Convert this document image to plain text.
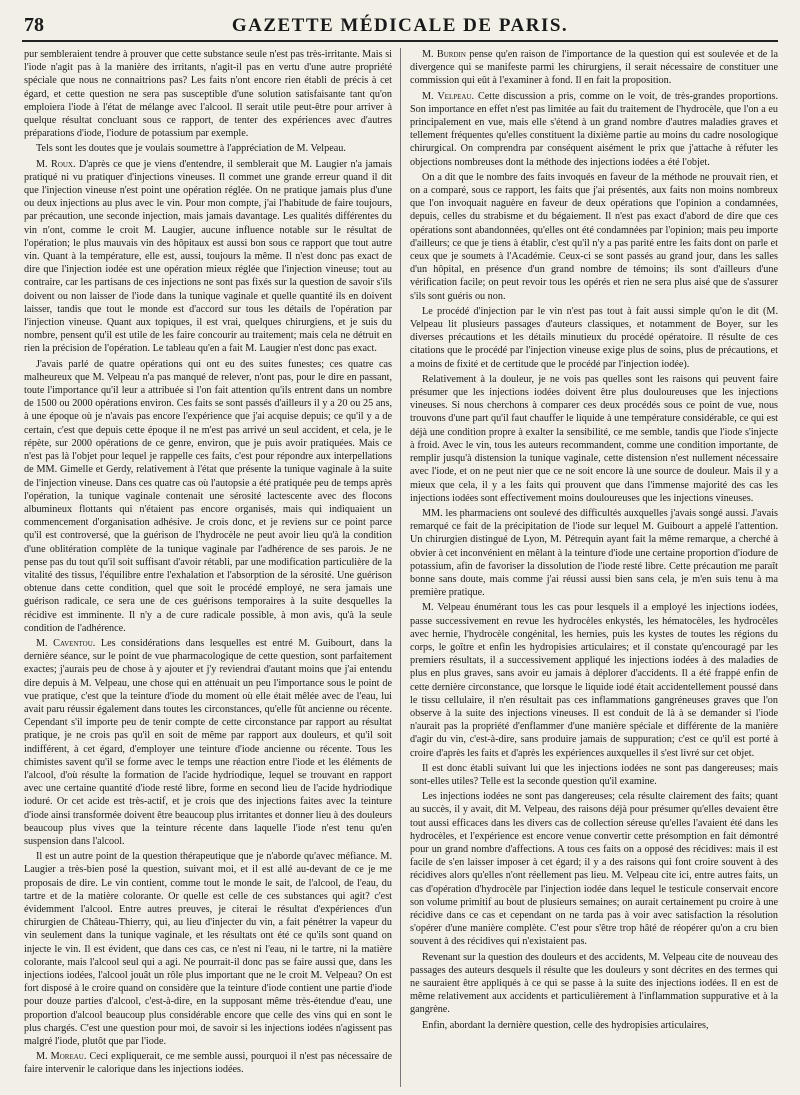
78	GAZETTE MÉDICALE DE PARIS.

pur sembleraient tendre à prouver que cette substance seule n'est pas très-irritante. Mais si l'iode n'agit pas à la manière des irritants, n'agit-il pas en vertu d'une autre propriété spéciale que nous ne connaitrions pas? Les faits n'ont encore rien établi de précis à cet égard, et cette question ne sera pas susceptible d'une solution satisfaisante tant qu'on emploiera l'iode à l'état de mélange avec l'alcool. Il serait utile peut-être pour arriver à quelque résultat concluant sous ce rapport, de tenter des expériences avec d'autres préparations d'iode, l'iodure de potassium par exemple.

Tels sont les doutes que je voulais soumettre à l'appréciation de M. Velpeau.

M. Roux. D'après ce que je viens d'entendre, il semblerait que M. Laugier n'a jamais pratiqué ni vu pratiquer d'injections vineuses. Il commet une grande erreur quand il dit que l'injection vineuse n'est point une opération réglée. On ne pratique jamais plus d'une ou deux injections au plus avec le vin. Pour mon compte, j'ai l'habitude de faire toujours, par précaution, une seconde injection, mais jamais davantage. Les qualités différentes du vin n'ont, comme le croit M. Laugier, aucune influence notable sur le résultat de l'opération; le plus mauvais vin des hôpitaux est aussi bon sous ce rapport que tout autre vin. Quant à la température, elle est, aussi, toujours la même. Il n'est donc pas exact de dire que l'injection iodée est une opération mieux réglée que l'injection vineuse; tout au contraire, car les partisans de ces injections ne sont pas fixés sur la question de savoir s'ils doivent ou non laisser de l'iode dans la tunique vaginale et quelle quantité ils en doivent laisser, tandis que tout le monde est d'accord sur tous les détails de l'opération par l'injection vineuse. Quant aux topiques, il est vrai, quelques chirurgiens, et je suis du nombre, pensent qu'il est utile de les faire concourir au traitement; mais cela ne détruit en rien la précision de l'opération. Le tableau qu'en a fait M. Laugier n'est donc pas exact.

J'avais parlé de quatre opérations qui ont eu des suites funestes; ces quatre cas malheureux que M. Velpeau n'a pas manqué de relever, n'ont pas, pour le dire en passant, toute l'importance qu'il leur a attribuée si l'on fait attention qu'ils entrent dans un nombre de 1500 ou 2000 opérations environ. Ces faits se sont passés d'ailleurs il y a 20 ou 25 ans, à une époque où je n'avais pas encore l'expérience que j'ai acquise depuis; ce qu'il y a de certain, c'est que depuis cette époque il ne m'est pas arrivé un seul accident, et cela, je le répète, sur 2000 opérations de ce genre, environ, que je puis avoir pratiquées. Mais ce n'est pas là l'objet pour lequel je rappelle ces faits, c'est pour répondre aux interpellations de MM. Gimelle et Gerdy, relativement à l'état que présente la tunique vaginale à la suite de l'injection vineuse. Dans ces quatre cas où l'autopsie a été pratiquée peu de temps après l'opération, la tunique vaginale contenait une sérosité lactescente avec des flocons albumineux flottants qui n'étaient pas encore organisés, mais qui indiquaient un commencement d'organisation adhésive. Je crois donc, et je reviens sur ce point parce qu'il est controversé, que la guérison de l'hydrocèle ne peut avoir lieu qu'à la condition d'une oblitération complète de la tunique vaginale par l'adhérence de ses parois. Je ne pense pas du tout qu'il soit suffisant d'avoir rétabli, par une modification particulière de la vitalité des tissus, l'équilibre entre l'exhalation et l'absorption de la sérosité. Une guérison obtenue dans cette condition, quel que soit le procédé employé, ne sera jamais une guérison radicale, ce sera une de ces guérisons temporaires à la suite desquelles la récidive est imminente. Il n'y a de cure radicale possible, à mon avis, qu'à la seule condition de l'adhérence.

M. Caventou. Les considérations dans lesquelles est entré M. Guibourt, dans la dernière séance, sur le point de vue pharmacologique de cette question, sont parfaitement exactes; j'aurais peu de chose à y ajouter et j'y reviendrai d'autant moins que j'ai entendu dire depuis à M. Velpeau, une chose qui en atténuait un peu l'importance sous le point de vue pratique, c'est que la teinture d'iode du moment où elle était mêlée avec de l'eau, lui avait paru réussir également dans toutes les circonstances, qu'elle fût ancienne ou récente. Cependant s'il importe peu de tenir compte de cette circonstance par rapport au résultat pratique, je ne crois pas qu'il en soit de même par rapport aux douleurs, et qu'il soit indifférent, à cet égard, d'employer une teinture d'iode ancienne ou récente. Tous les chimistes savent qu'il se forme avec le temps une réaction entre l'iode et les éléments de l'alcool, d'où résulte la formation de l'acide hydriodique, lequel se trouvant en rapport avec une certaine quantité d'iode resté libre, forme en second lieu de l'acide hydriodique ioduré. Or cet acide est très-actif, et je crois que des injections faites avec la teinture d'iode ainsi transformée doivent être beaucoup plus irritantes et donner lieu à des douleurs beaucoup plus vives que la teinture récente dans laquelle l'iode n'est tenu qu'en suspension dans l'alcool.

Il est un autre point de la question thérapeutique que je n'aborde qu'avec méfiance. M. Laugier a très-bien posé la question, suivant moi, et il est allé au-devant de ce je me proposais de dire. Le vin contient, comme tout le monde le sait, de l'alcool, de l'eau, du tartre et de la matière colorante. Or quelle est celle de ces substances qui agit? c'est évidemment l'alcool. Entre autres preuves, je citerai le résultat d'expériences d'un chirurgien de Château-Thierry, qui, au lieu d'injecter du vin, a fait pénétrer la vapeur du vin seulement dans la tunique vaginale, et les résultats ont été ce qu'ils sont quand on injecte le vin. Il est évident, que dans ces cas, ce n'est ni l'eau, ni le tartre, ni la matière colorante, mais l'alcool seul qui a agi. Ne pourrait-il donc pas se faire aussi que, dans les injections iodées, l'alcool jouât un rôle plus important que ne le croit M. Velpeau? On est fort disposé à le croire quand on considère que la teinture d'iode contient une partie d'iode pour douze parties d'alcool, c'est-à-dire, en la supposant même très-étendue d'eau, une proportion d'alcool beaucoup plus considérable encore que celle des vins qui en sont le plus chargés. C'est une question pour moi, de savoir si les injections iodées n'agissent pas malgré l'iode, plutôt que par l'iode.

M. Moreau. Ceci expliquerait, ce me semble aussi, pourquoi il n'est pas nécessaire de faire intervenir le calorique dans les injections iodées.

M. Burdin pense qu'en raison de l'importance de la question qui est soulevée et de la divergence qui se manifeste parmi les chirurgiens, il serait nécessaire de constituer une commission qui eût à l'examiner à fond. Il en fait la proposition.

M. Velpeau. Cette discussion a pris, comme on le voit, de très-grandes proportions. Son importance en effet n'est pas limitée au fait du traitement de l'hydrocèle, que l'on a eu principalement en vue, mais elle s'étend à un grand nombre d'autres maladies graves et tellement fréquentes qu'elles constituent la dixième partie au moins du cadre nosologique chirurgical. On comprendra par conséquent aisément le prix que j'attache à réfuter les objections nombreuses dont la méthode des injections iodées a été l'objet.

On a dit que le nombre des faits invoqués en faveur de la méthode ne prouvait rien, et on a comparé, sous ce rapport, les faits que j'ai présentés, aux faits non moins nombreux que l'on invoquait naguère en faveur de deux opérations que l'opinion a condamnées, depuis, celles du strabisme et du bégaiement. Il n'est pas exact d'abord de dire que ces opérations sont abandonnées, qu'elles ont été condamnées par l'opinion; mais peu importe d'ailleurs; ce que je tiens à établir, c'est qu'il n'y a pas parité entre les faits dont on parle et ceux que je soumets à l'Académie. Ceux-ci se sont passés au grand jour, dans les salles d'un hôpital, en présence d'un grand nombre de témoins; ils sont d'ailleurs d'une vérification facile; on peut revoir tous les opérés et rien ne sera plus aisé que de s'assurer s'ils sont guéris ou non.

Le procédé d'injection par le vin n'est pas tout à fait aussi simple qu'on le dit (M. Velpeau lit plusieurs passages d'auteurs classiques, et notamment de Boyer, sur les diverses précautions et les détails minutieux du procédé opératoire. Il résulte de ces citations que le procédé par l'injection vineuse exige plus de soins, plus de précautions, et a moins de fixité et de certitude que le procédé par l'injection iodée).

Relativement à la douleur, je ne vois pas quelles sont les raisons qui peuvent faire présumer que les injections iodées doivent être plus douloureuses que les injections vineuses. Si nous cherchons à comparer ces deux procédés sous ce point de vue, nous trouvons d'une part qu'il faut chauffer le liquide à une température considérable, ce qui est déjà une condition propre à exalter la sensibilité, ce me semble, tandis que l'iode s'injecte à froid. Avec le vin, tous les auteurs recommandent, comme une condition importante, de remplir jusqu'à distension la tunique vaginale, cette distension n'est nullement nécessaire avec l'iode, et on ne peut nier que ce ne soit encore là une source de douleur. Mais il y a mieux que cela, il y a les faits qui prouvent que dans l'immense majorité des cas les injections iodées sont effectivement moins douloureuses que les injections vineuses.

MM. les pharmaciens ont soulevé des difficultés auxquelles j'avais songé aussi. J'avais remarqué ce fait de la précipitation de l'iode sur lequel M. Guibourt a appelé l'attention. Un chirurgien distingué de Lyon, M. Pétrequin ayant fait la même remarque, a cherché à obvier à cet inconvénient en mêlant à la teinture d'iode une certaine proportion d'iodure de potassium, afin de favoriser la dissolution de l'iode resté libre. Cette précaution me paraît bonne sans doute, mais comme j'ai réussi aussi bien sans cela, je m'en suis tenu à ma première pratique.

M. Velpeau énumérant tous les cas pour lesquels il a employé les injections iodées, passe successivement en revue les hydrocèles enkystés, les hématocèles, les hydrocèles avec hernie, l'hydrocèle congénital, les hernies, puis les kystes de toutes les régions du corps, le goître et enfin les hydropisies articulaires; et il constate qu'encouragé par les premiers résultats, il a successivement appliqué les injections iodées à des maladies de plus en plus graves, sans avoir eu jamais à déplorer d'accidents. Il a été frappé enfin de cette dernière circonstance, que lorsque le liquide iodé était accidentellement poussé dans le tissu cellulaire, il n'en résultait pas ces inflammations gangréneuses graves que l'on observe à la suite des injections vineuses. Il est conduit de là à se demander si l'iode n'aurait pas la propriété d'enflammer d'une manière spéciale et différente de la manière d'agir du vin, c'est-à-dire, sans produire jamais de suppuration; c'est ce qu'il est porté à croire d'après les faits et d'après les expériences auxquelles il s'est livré sur cet objet.

Il est donc établi suivant lui que les injections iodées ne sont pas dangereuses; mais sont-elles utiles? Telle est la seconde question qu'il examine.

Les injections iodées ne sont pas dangereuses; cela résulte clairement des faits; quant au succès, il y avait, dit M. Velpeau, des raisons déjà pour présumer qu'elles devaient être tout aussi efficaces dans les divers cas de collection séreuse qu'elles l'avaient été dans les hydrocèles, et l'expérience est encore venue convertir cette présomption en fait démontré pour un grand nombre d'affections. A tous ces faits on a opposé des récidives: mais il est facile de s'en laisser imposer à cet égard; il y a des raisons qui font croire souvent à des récidives alors qu'elles n'ont réellement pas lieu. M. Velpeau cite ici, entre autres faits, un cas d'opération d'hydrocèle par l'injection iodée dans lequel le testicule conservait encore son volume primitif au bout de plusieurs semaines; on aurait certainement pu croire à une récidive dans ce cas et cependant on ne tarda pas à voir avec satisfaction la résolution s'opérer d'une manière complète. C'est pour s'être trop hâté de réopérer qu'on a cru bien souvent à des récidives qui n'existaient pas.

Revenant sur la question des douleurs et des accidents, M. Velpeau cite de nouveau des passages des auteurs desquels il résulte que les douleurs y sont décrites en des termes qui ne sauraient être appliqués à ce qui se passe à la suite des injections iodées. Il en est de même relativement aux accidents et particulièrement à l'inflammation suppurative et à la gangrène.

Enfin, abordant la dernière question, celle des hydropisies articulaires,
